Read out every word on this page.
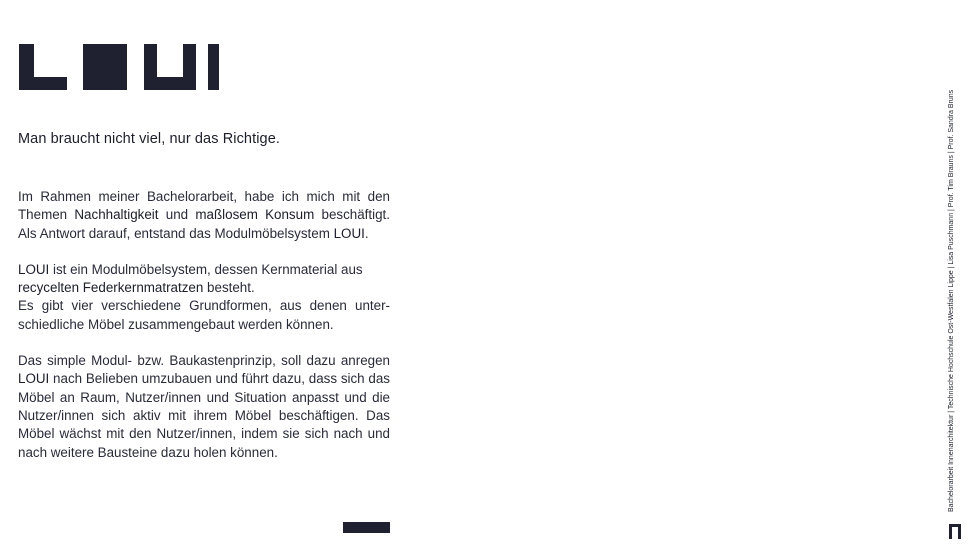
Man braucht nicht viel, nur das Richtige.

Im Rahmen meiner Bachelorarbeit, habe ich mich mit den Themen Nachhaltigkeit und maßlosem Konsum beschäftigt. Als Antwort darauf, entstand das Modulmöbelsystem LOUI.

LOUI ist ein Modulmöbelsystem, dessen Kernmaterial aus recycelten Federkernmatratzen besteht.

Es gibt vier verschiedene Grundformen, aus denen unterschiedliche Möbel zusammengebaut werden können.

Das simple Modul- bzw. Baukastenprinzip, soll dazu anregen LOUI nach Belieben umzubauen und führt dazu, dass sich das Möbel an Raum, Nutzer/innen und Situation anpasst und die Nutzer/innen sich aktiv mit ihrem Möbel beschäftigen. Das Möbel wächst mit den Nutzer/innen, indem sie sich nach und nach weitere Bausteine dazu holen können.	Bachelorarbeit Innenarchitektur | Technische Hochschule Ost-Westfalen Lippe | Lisa Puschmann | Prof. Tim Brauns | Prof. Sandra Bruns
